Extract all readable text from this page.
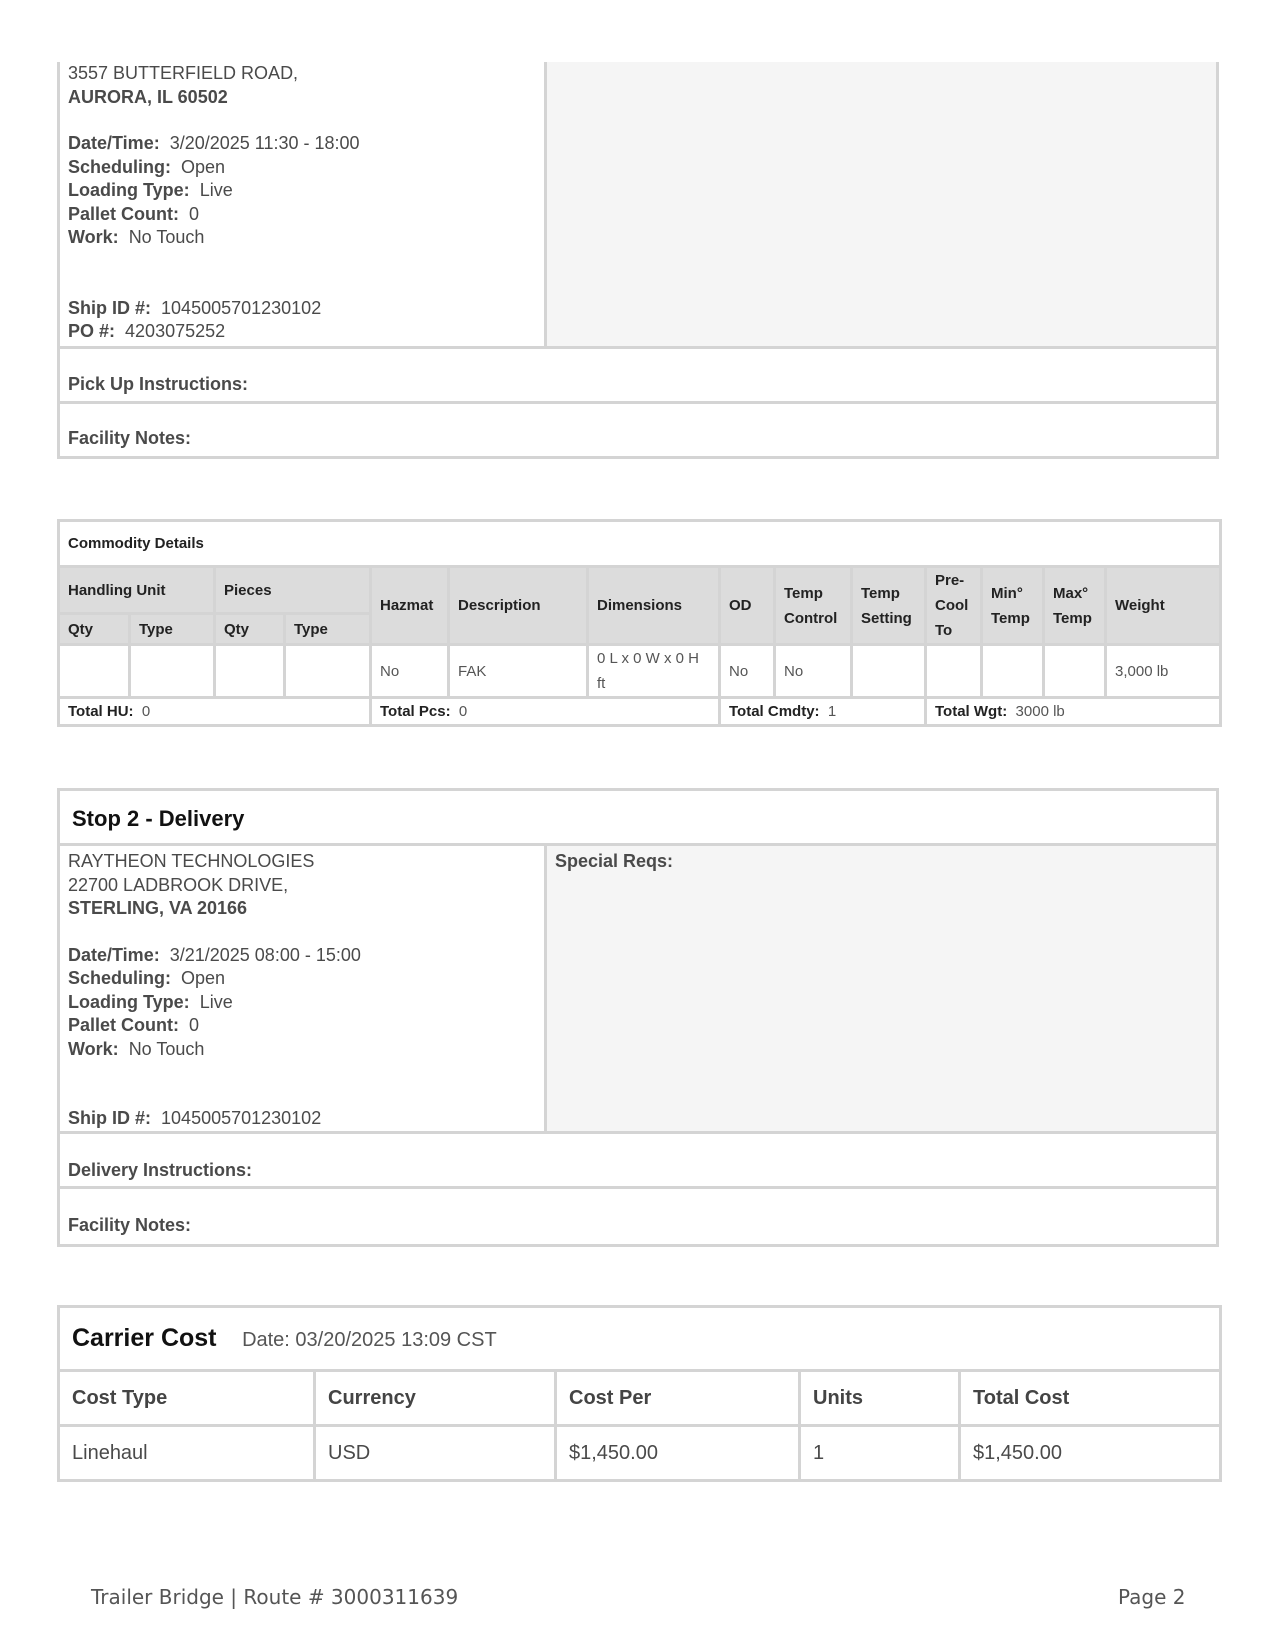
3557 BUTTERFIELD ROAD,
AURORA, IL 60502
Date/Time: 3/20/2025 11:30 - 18:00
Scheduling: Open
Loading Type: Live
Pallet Count: 0
Work: No Touch
Ship ID #: 1045005701230102
PO #: 4203075252
Pick Up Instructions:
Facility Notes:
Commodity Details													
Handling Unit		Pieces		Hazmat	Description	Dimensions	OD	Temp Control	Temp Setting	Pre-Cool To	Min° Temp	Max° Temp	Weight
Qty	Type	Qty	Type										
				No	FAK	0 L x 0 W x 0 H ft	No	No					3,000 lb
Total HU: 0				Total Pcs: 0			Total Cmdty: 1			Total Wgt: 3000 lb			
Stop 2 - Delivery
RAYTHEON TECHNOLOGIES
22700 LADBROOK DRIVE,
STERLING, VA 20166
Date/Time: 3/21/2025 08:00 - 15:00
Scheduling: Open
Loading Type: Live
Pallet Count: 0
Work: No Touch
Ship ID #: 1045005701230102
Special Reqs:
Delivery Instructions:
Facility Notes:
Carrier Cost Date: 03/20/2025 13:09 CST				
Cost Type	Currency	Cost Per	Units	Total Cost
Linehaul	USD	$1,450.00	1	$1,450.00
Trailer Bridge | Route # 3000311639	Page 2
